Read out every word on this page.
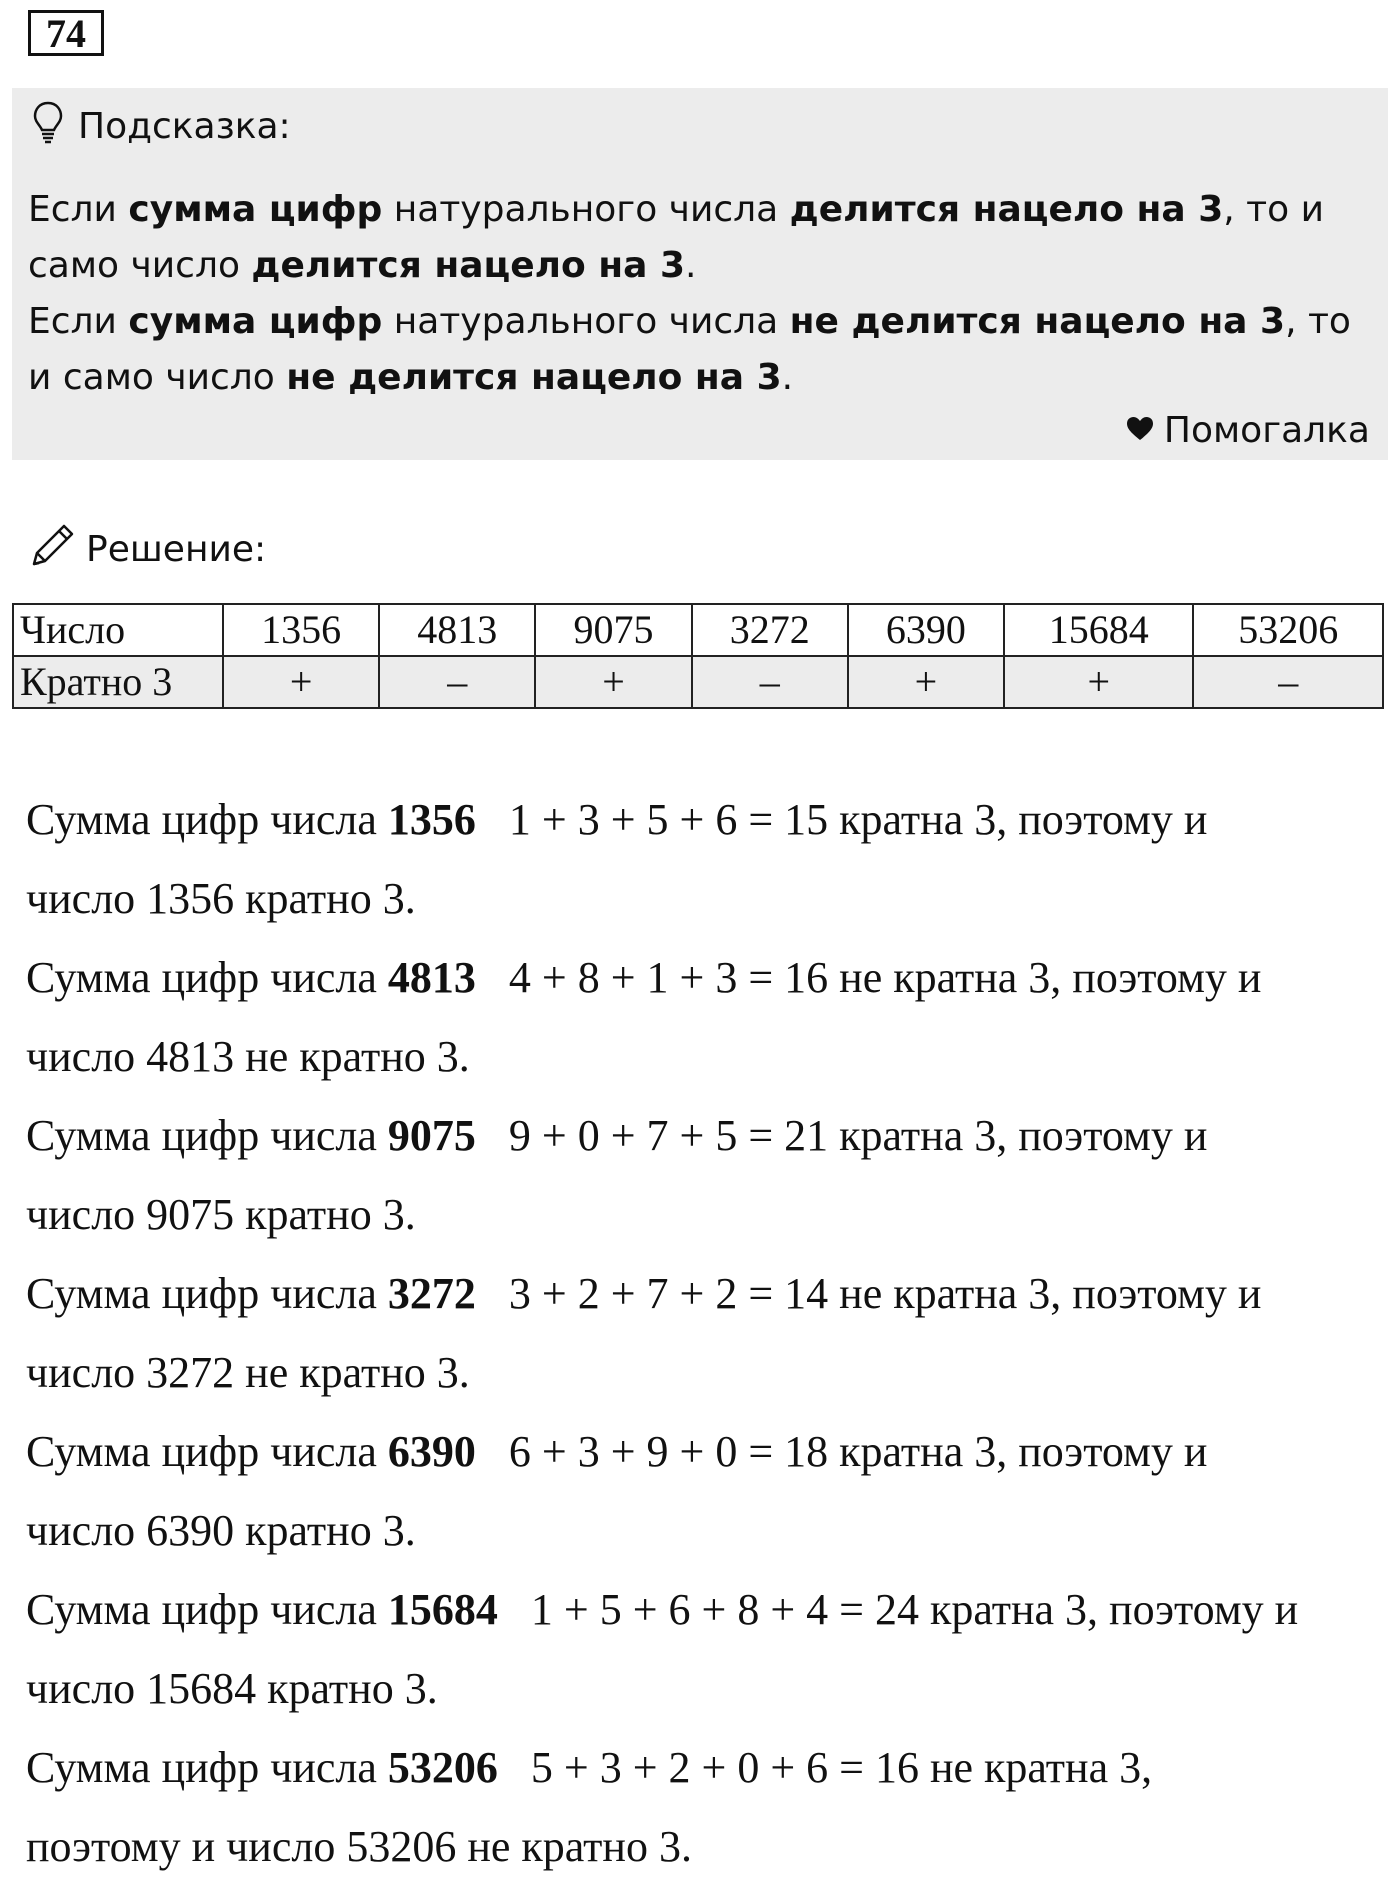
74
Подсказка:

Если сумма цифр натурального числа делится нацело на 3, то и само число делится нацело на 3.

Если сумма цифр натурального числа не делится нацело на 3, то и само число не делится нацело на 3.

Помогалка
Решение:
Число	1356	4813	9075	3272	6390	15684	53206
Кратно 3	+	–	+	–	+	+	–

Сумма цифр числа 1356   1 + 3 + 5 + 6 = 15 кратна 3, поэтому и

число 1356 кратно 3.

Сумма цифр числа 4813   4 + 8 + 1 + 3 = 16 не кратна 3, поэтому и

число 4813 не кратно 3.

Сумма цифр числа 9075   9 + 0 + 7 + 5 = 21 кратна 3, поэтому и

число 9075 кратно 3.

Сумма цифр числа 3272   3 + 2 + 7 + 2 = 14 не кратна 3, поэтому и

число 3272 не кратно 3.

Сумма цифр числа 6390   6 + 3 + 9 + 0 = 18 кратна 3, поэтому и

число 6390 кратно 3.

Сумма цифр числа 15684   1 + 5 + 6 + 8 + 4 = 24 кратна 3, поэтому и

число 15684 кратно 3.

Сумма цифр числа 53206   5 + 3 + 2 + 0 + 6 = 16 не кратна 3,

поэтому и число 53206 не кратно 3.
